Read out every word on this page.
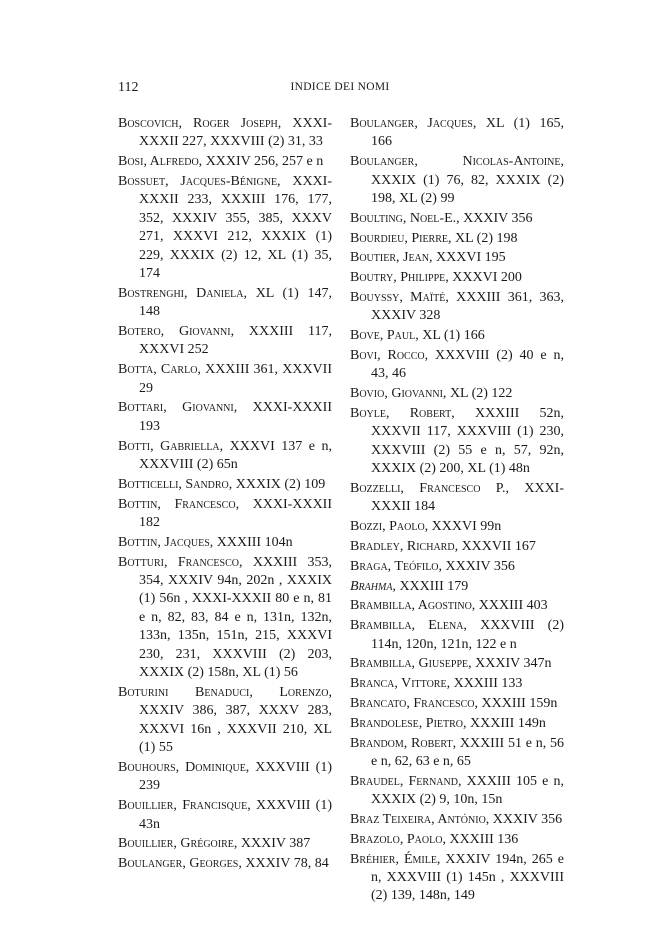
112	INDICE DEI NOMI

Boscovich, Roger Joseph, XXXI-XXXII 227, XXXVIII (2) 31, 33

Bosi, Alfredo, XXXIV 256, 257 e n

Bossuet, Jacques-Bénigne, XXXI-XXXII 233, XXXIII 176, 177, 352, XXXIV 355, 385, XXXV 271, XXXVI 212, XXXIX (1) 229, XXXIX (2) 12, XL (1) 35, 174

Bostrenghi, Daniela, XL (1) 147, 148

Botero, Giovanni, XXXIII 117, XXXVI 252

Botta, Carlo, XXXIII 361, XXXVII 29

Bottari, Giovanni, XXXI-XXXII 193

Botti, Gabriella, XXXVI 137 e n, XXXVIII (2) 65n

Botticelli, Sandro, XXXIX (2) 109

Bottin, Francesco, XXXI-XXXII 182

Bottin, Jacques, XXXIII 104n

Botturi, Francesco, XXXIII 353, 354, XXXIV 94n, 202n , XXXIX (1) 56n , XXXI-XXXII 80 e n, 81 e n, 82, 83, 84 e n, 131n, 132n, 133n, 135n, 151n, 215, XXXVI 230, 231, XXXVIII (2) 203, XXXIX (2) 158n, XL (1) 56

Boturini Benaduci, Lorenzo, XXXIV 386, 387, XXXV 283, XXXVI 16n , XXXVII 210, XL (1) 55

Bouhours, Dominique, XXXVIII (1) 239

Bouillier, Francisque, XXXVIII (1) 43n

Bouillier, Grégoire, XXXIV 387

Boulanger, Georges, XXXIV 78, 84

Boulanger, Jacques, XL (1) 165, 166

Boulanger, Nicolas-Antoine, XXXIX (1) 76, 82, XXXIX (2) 198, XL (2) 99

Boulting, Noel-E., XXXIV 356

Bourdieu, Pierre, XL (2) 198

Boutier, Jean, XXXVI 195

Boutry, Philippe, XXXVI 200

Bouyssy, Maïté, XXXIII 361, 363, XXXIV 328

Bove, Paul, XL (1) 166

Bovi, Rocco, XXXVIII (2) 40 e n, 43, 46

Bovio, Giovanni, XL (2) 122

Boyle, Robert, XXXIII 52n, XXXVII 117, XXXVIII (1) 230, XXXVIII (2) 55 e n, 57, 92n, XXXIX (2) 200, XL (1) 48n

Bozzelli, Francesco P., XXXI-XXXII 184

Bozzi, Paolo, XXXVI 99n

Bradley, Richard, XXXVII 167

Braga, Teófilo, XXXIV 356

Brahma, XXXIII 179

Brambilla, Agostino, XXXIII 403

Brambilla, Elena, XXXVIII (2) 114n, 120n, 121n, 122 e n

Brambilla, Giuseppe, XXXIV 347n

Branca, Vittore, XXXIII 133

Brancato, Francesco, XXXIII 159n

Brandolese, Pietro, XXXIII 149n

Brandom, Robert, XXXIII 51 e n, 56 e n, 62, 63 e n, 65

Braudel, Fernand, XXXIII 105 e n, XXXIX (2) 9, 10n, 15n

Braz Teixeira, António, XXXIV 356

Brazolo, Paolo, XXXIII 136

Bréhier, Émile, XXXIV 194n, 265 e n, XXXVIII (1) 145n , XXXVIII (2) 139, 148n, 149
